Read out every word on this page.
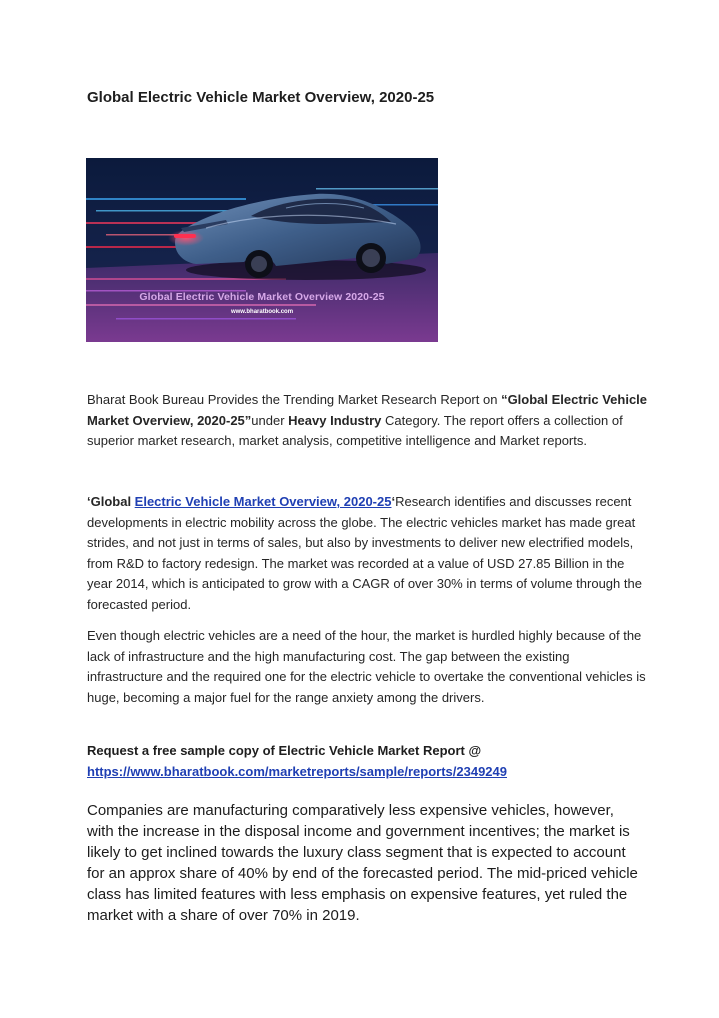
Global Electric Vehicle Market Overview, 2020-25
Global Electric Vehicle Market Overview 2020-25
www.bharatbook.com

Bharat Book Bureau Provides the Trending Market Research Report on “Global Electric Vehicle Market Overview, 2020-25”under Heavy Industry Category. The report offers a collection of superior market research, market analysis, competitive intelligence and Market reports.

‘Global Electric Vehicle Market Overview, 2020-25‘Research identifies and discusses recent developments in electric mobility across the globe. The electric vehicles market has made great strides, and not just in terms of sales, but also by investments to deliver new electrified models, from R&D to factory redesign. The market was recorded at a value of USD 27.85 Billion in the year 2014, which is anticipated to grow with a CAGR of over 30% in terms of volume through the forecasted period.

Even though electric vehicles are a need of the hour, the market is hurdled highly because of the lack of infrastructure and the high manufacturing cost. The gap between the existing infrastructure and the required one for the electric vehicle to overtake the conventional vehicles is huge, becoming a major fuel for the range anxiety among the drivers.

Request a free sample copy of Electric Vehicle Market Report @
https://www.bharatbook.com/marketreports/sample/reports/2349249

Companies are manufacturing comparatively less expensive vehicles, however, with the increase in the disposal income and government incentives; the market is likely to get inclined towards the luxury class segment that is expected to account for an approx share of 40% by end of the forecasted period. The mid-priced vehicle class has limited features with less emphasis on expensive features, yet ruled the market with a share of over 70% in 2019.
